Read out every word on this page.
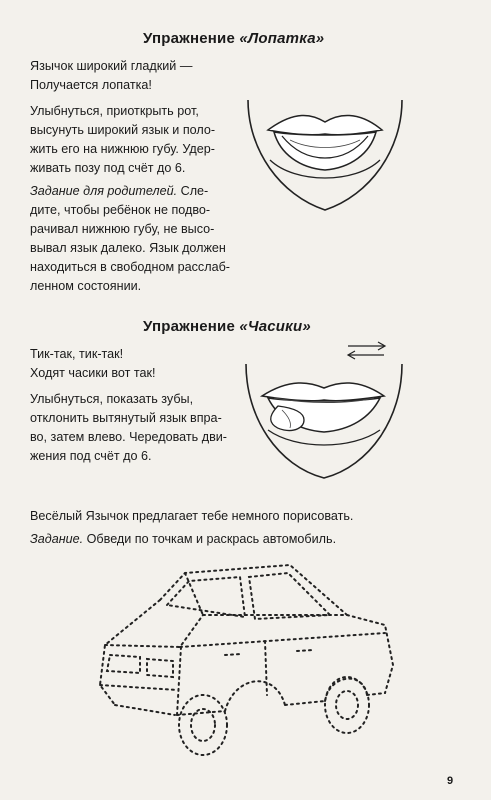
Упражнение «Лопатка»
Язычок широкий гладкий —
Получается лопатка!
Улыбнуться, приоткрыть рот,
высунуть широкий язык и поло-
жить его на нижнюю губу. Удер-
живать позу под счёт до 6.
Задание для родителей. Сле-
дите, чтобы ребёнок не подво-
рачивал нижнюю губу, не высо-
вывал язык далеко. Язык должен
находиться в свободном расслаб-
ленном состоянии.
Упражнение «Часики»
Тик-так, тик-так!
Ходят часики вот так!
Улыбнуться, показать зубы,
отклонить вытянутый язык впра-
во, затем влево. Чередовать дви-
жения под счёт до 6.
Весёлый Язычок предлагает тебе немного порисовать.
Задание. Обведи по точкам и раскрась автомобиль.
9
